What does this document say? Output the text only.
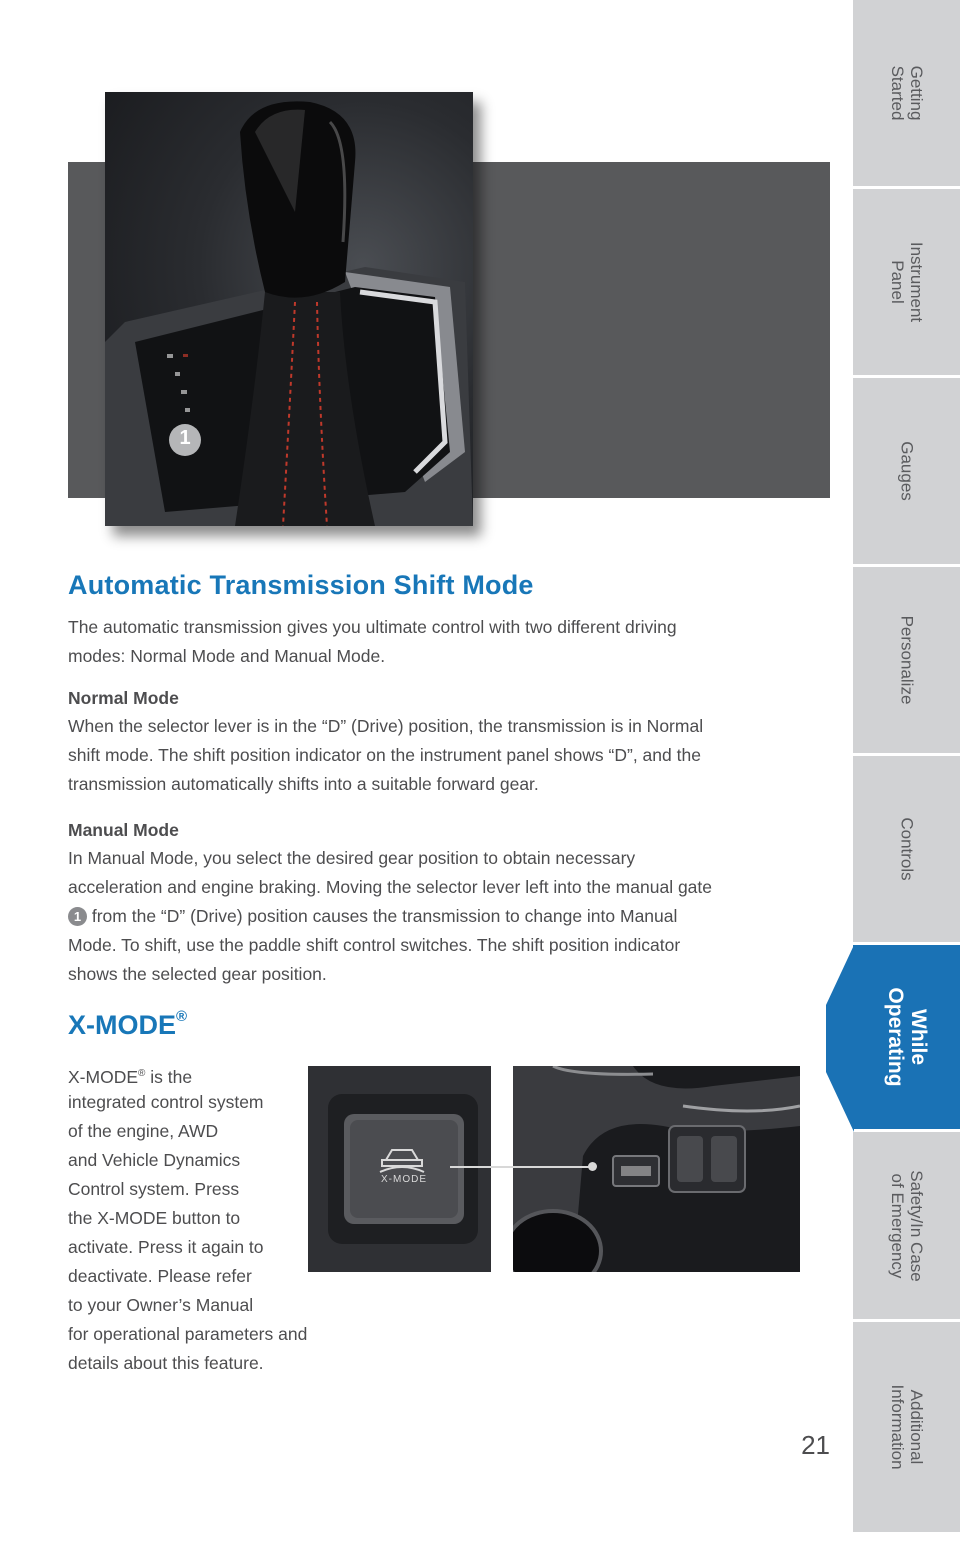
1
Automatic Transmission Shift Mode

The automatic transmission gives you ultimate control with two different driving

modes: Normal Mode and Manual Mode.

Normal Mode

When the selector lever is in the “D” (Drive) position, the transmission is in Normal

shift mode. The shift position indicator on the instrument panel shows “D”, and the

transmission automatically shifts into a suitable forward gear.

Manual Mode

In Manual Mode, you select the desired gear position to obtain necessary

acceleration and engine braking. Moving the selector lever left into the manual gate

1 from the “D” (Drive) position causes the transmission to change into Manual

Mode. To shift, use the paddle shift control switches. The shift position indicator

shows the selected gear position.

X-MODE®

X-MODE® is the

integrated control system

of the engine, AWD

and Vehicle Dynamics

Control system. Press

the X-MODE button to

activate. Press it again to

deactivate. Please refer

to your Owner’s Manual

for operational parameters and

details about this feature.

X-MODE

21

Getting
Started
Instrument
Panel
Gauges
Personalize
Controls
While
Operating
Safety/In Case
of Emergency
Additional
Information
